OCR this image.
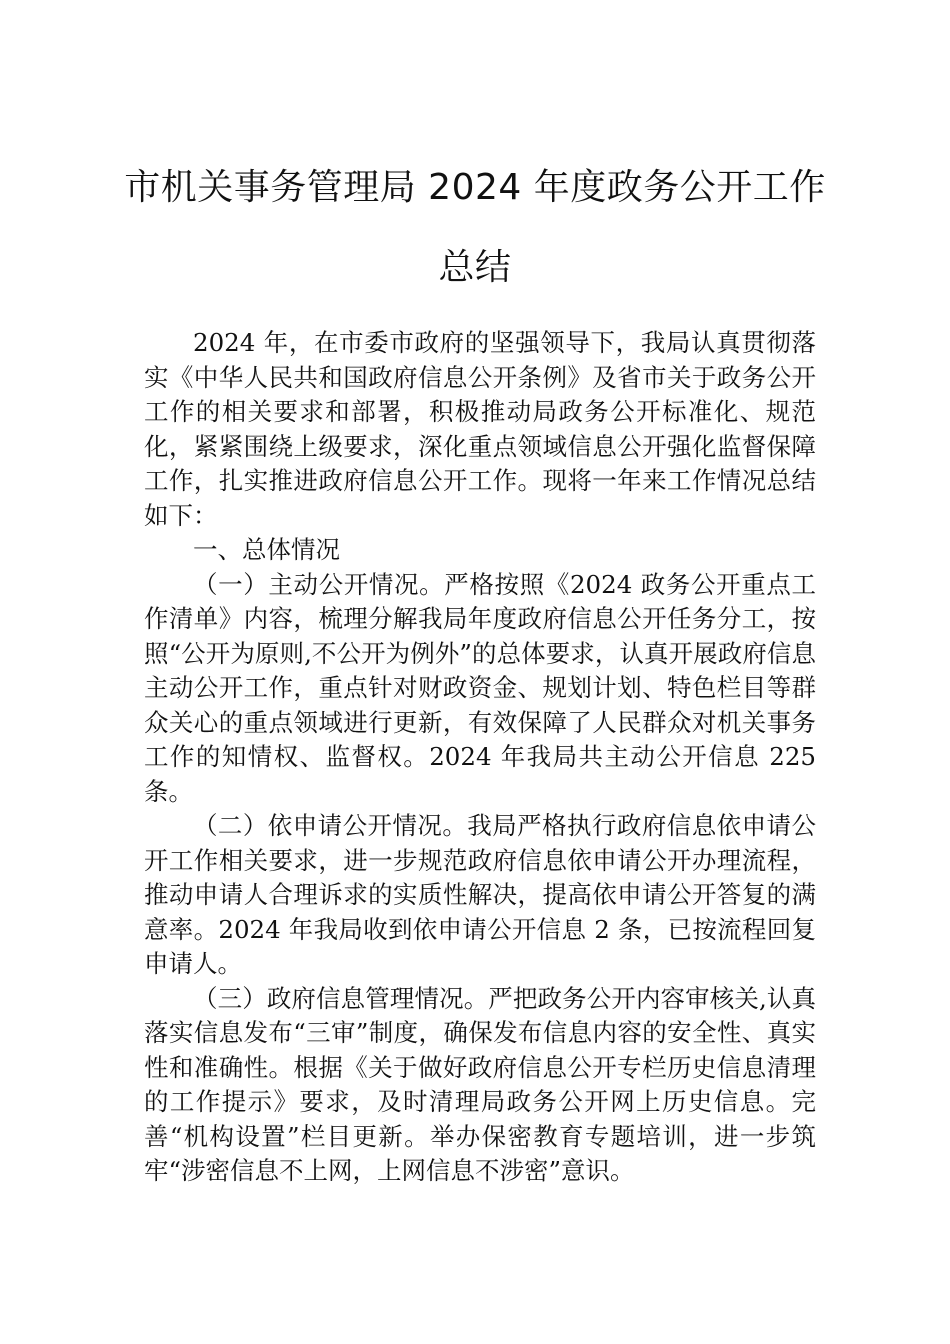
市机关事务管理局 2024 年度政务公开工作
总结

2024 年，在市委市政府的坚强领导下，我局认真贯彻落实《中华人民共和国政府信息公开条例》及省市关于政务公开工作的相关要求和部署，积极推动局政务公开标准化、规范化，紧紧围绕上级要求，深化重点领域信息公开强化监督保障工作，扎实推进政府信息公开工作。现将一年来工作情况总结如下：

一、总体情况

（一）主动公开情况。严格按照《2024 政务公开重点工作清单》内容，梳理分解我局年度政府信息公开任务分工，按照“公开为原则,不公开为例外”的总体要求，认真开展政府信息主动公开工作，重点针对财政资金、规划计划、特色栏目等群众关心的重点领域进行更新，有效保障了人民群众对机关事务工作的知情权、监督权。2024 年我局共主动公开信息 225 条。

（二）依申请公开情况。我局严格执行政府信息依申请公开工作相关要求，进一步规范政府信息依申请公开办理流程，推动申请人合理诉求的实质性解决，提高依申请公开答复的满意率。2024 年我局收到依申请公开信息 2 条，已按流程回复申请人。

（三）政府信息管理情况。严把政务公开内容审核关,认真落实信息发布“三审”制度，确保发布信息内容的安全性、真实性和准确性。根据《关于做好政府信息公开专栏历史信息清理的工作提示》要求，及时清理局政务公开网上历史信息。完善“机构设置”栏目更新。举办保密教育专题培训，进一步筑牢“涉密信息不上网，上网信息不涉密”意识。
